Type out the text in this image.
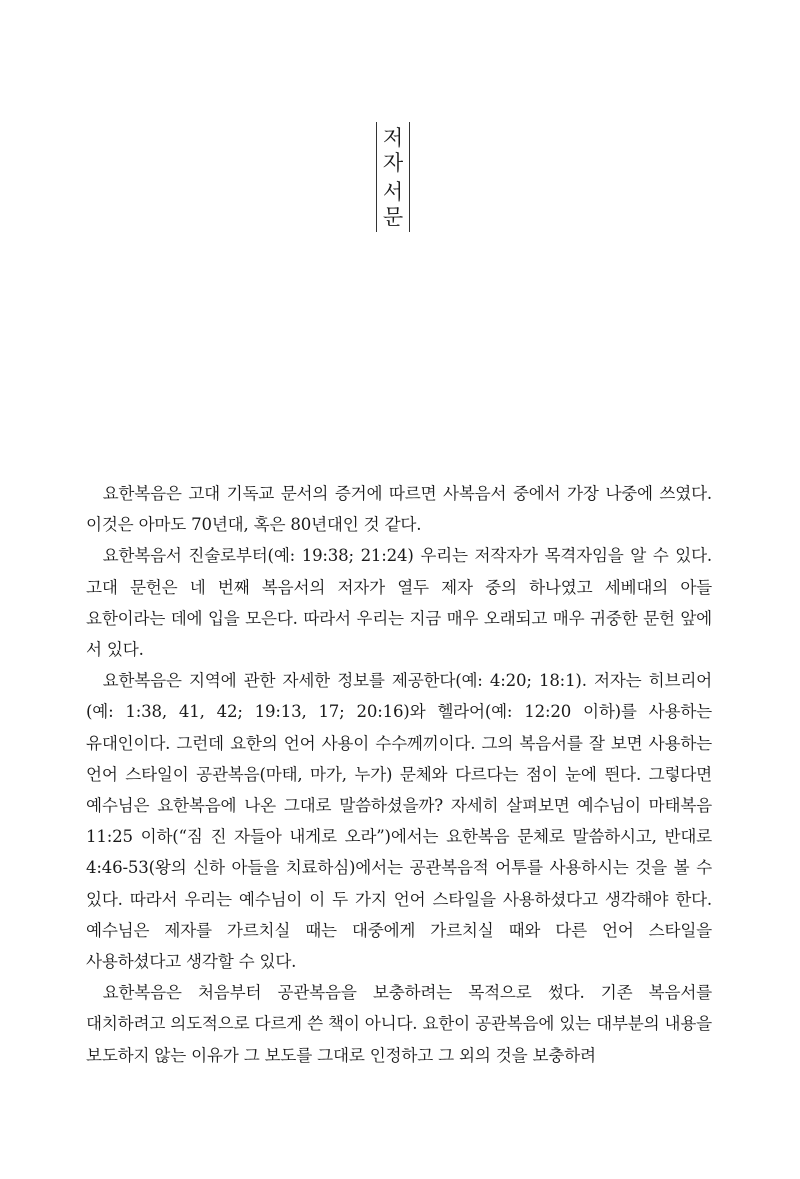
저
자
서
문

요한복음은 고대 기독교 문서의 증거에 따르면 사복음서 중에서 가장 나중에 쓰였다. 이것은 아마도 70년대, 혹은 80년대인 것 같다.

요한복음서 진술로부터(예: 19:38; 21:24) 우리는 저작자가 목격자임을 알 수 있다. 고대 문헌은 네 번째 복음서의 저자가 열두 제자 중의 하나였고 세베대의 아들 요한이라는 데에 입을 모은다. 따라서 우리는 지금 매우 오래되고 매우 귀중한 문헌 앞에 서 있다.

요한복음은 지역에 관한 자세한 정보를 제공한다(예: 4:20; 18:1). 저자는 히브리어(예: 1:38, 41, 42; 19:13, 17; 20:16)와 헬라어(예: 12:20 이하)를 사용하는 유대인이다. 그런데 요한의 언어 사용이 수수께끼이다. 그의 복음서를 잘 보면 사용하는 언어 스타일이 공관복음(마태, 마가, 누가) 문체와 다르다는 점이 눈에 띈다. 그렇다면 예수님은 요한복음에 나온 그대로 말씀하셨을까? 자세히 살펴보면 예수님이 마태복음 11:25 이하(“짐 진 자들아 내게로 오라”)에서는 요한복음 문체로 말씀하시고, 반대로 4:46-53(왕의 신하 아들을 치료하심)에서는 공관복음적 어투를 사용하시는 것을 볼 수 있다. 따라서 우리는 예수님이 이 두 가지 언어 스타일을 사용하셨다고 생각해야 한다. 예수님은 제자를 가르치실 때는 대중에게 가르치실 때와 다른 언어 스타일을 사용하셨다고 생각할 수 있다.

요한복음은 처음부터 공관복음을 보충하려는 목적으로 썼다. 기존 복음서를 대치하려고 의도적으로 다르게 쓴 책이 아니다. 요한이 공관복음에 있는 대부분의 내용을 보도하지 않는 이유가 그 보도를 그대로 인정하고 그 외의 것을 보충하려
